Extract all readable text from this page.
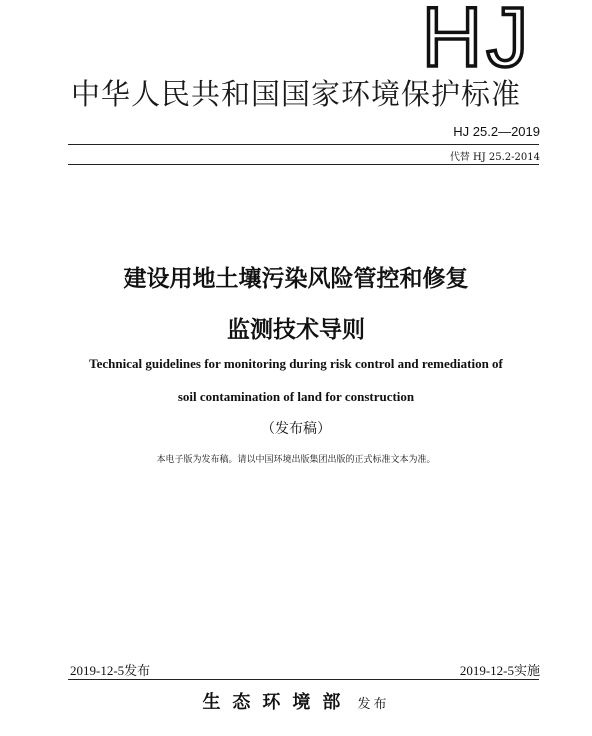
HJ
中华人民共和国国家环境保护标准
HJ 25.2—2019
代替 HJ 25.2-2014
建设用地土壤污染风险管控和修复
监测技术导则
Technical guidelines for monitoring during risk control and remediation of
soil contamination of land for construction
（发布稿）
本电子版为发布稿。请以中国环境出版集团出版的正式标准文本为准。
2019-12-5发布	2019-12-5实施
生态环境部 发布
